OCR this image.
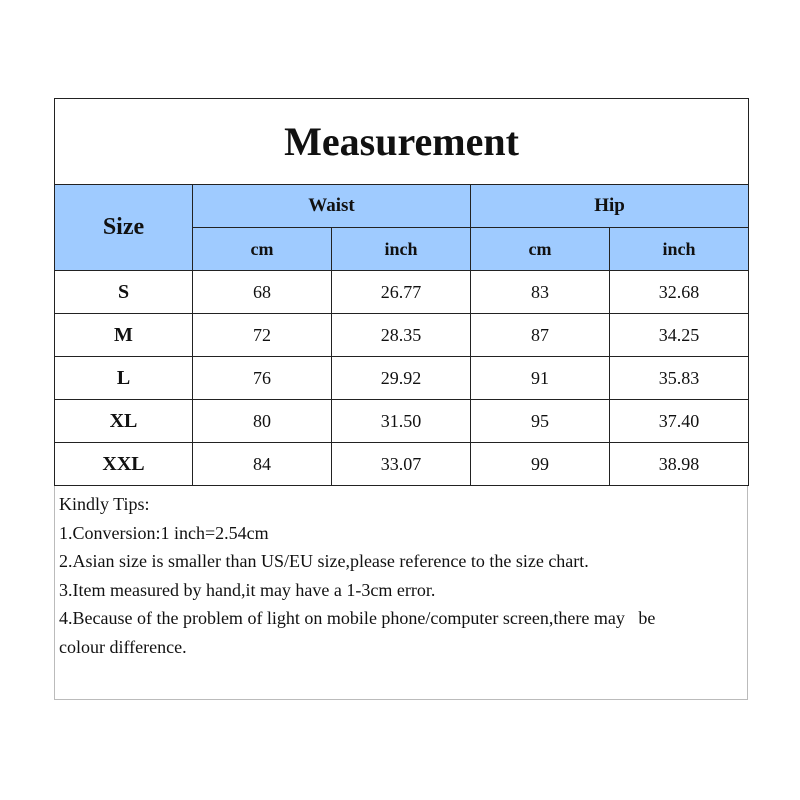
Measurement				
Size	Waist		Hip	
	cm	inch	cm	inch
S	68	26.77	83	32.68
M	72	28.35	87	34.25
L	76	29.92	91	35.83
XL	80	31.50	95	37.40
XXL	84	33.07	99	38.98
Kindly Tips:
1.Conversion:1 inch=2.54cm
2.Asian size is smaller than US/EU size,please reference to the size chart.
3.Item measured by hand,it may have a 1-3cm error.
4.Because of the problem of light on mobile phone/computer screen,there may   be
colour difference.
